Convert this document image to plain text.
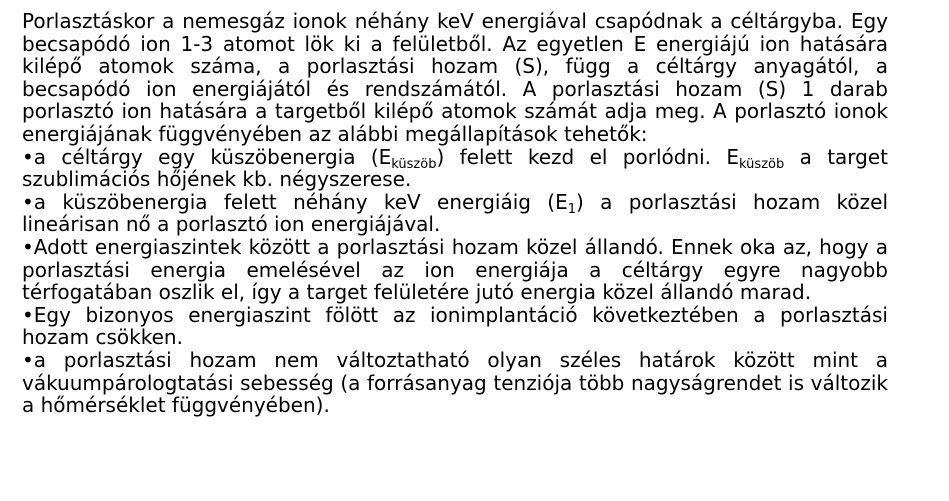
Porlasztáskor a nemesgáz ionok néhány keV energiával csapódnak a céltárgyba. Egy becsapódó ion 1-3 atomot lök ki a felületből. Az egyetlen E energiájú ion hatására kilépő atomok száma, a porlasztási hozam (S), függ a céltárgy anyagától, a becsapódó ion energiájától és rendszámától. A porlasztási hozam (S) 1 darab porlasztó ion hatására a targetből kilépő atomok számát adja meg. A porlasztó ionok energiájának függvényében az alábbi megállapítások tehetők:

•a céltárgy egy küszöbenergia $(E_{küszöb})$ felett kezd el porlódni. $E_{küszöb}$ a target szublimációs hőjének kb. négyszerese.

•a küszöbenergia felett néhány keV energiáig $(E_1)$ a porlasztási hozam közel lineárisan nő a porlasztó ion energiájával.

•Adott energiaszintek között a porlasztási hozam közel állandó. Ennek oka az, hogy a porlasztási energia emelésével az ion energiája a céltárgy egyre nagyobb térfogatában oszlik el, így a target felületére jutó energia közel állandó marad.

•Egy bizonyos energiaszint fölött az ionimplantáció következtében a porlasztási hozam csökken.

•a porlasztási hozam nem változtatható olyan széles határok között mint a vákuumpárologtatási sebesség (a forrásanyag tenziója több nagyságrendet is változik a hőmérséklet függvényében).
